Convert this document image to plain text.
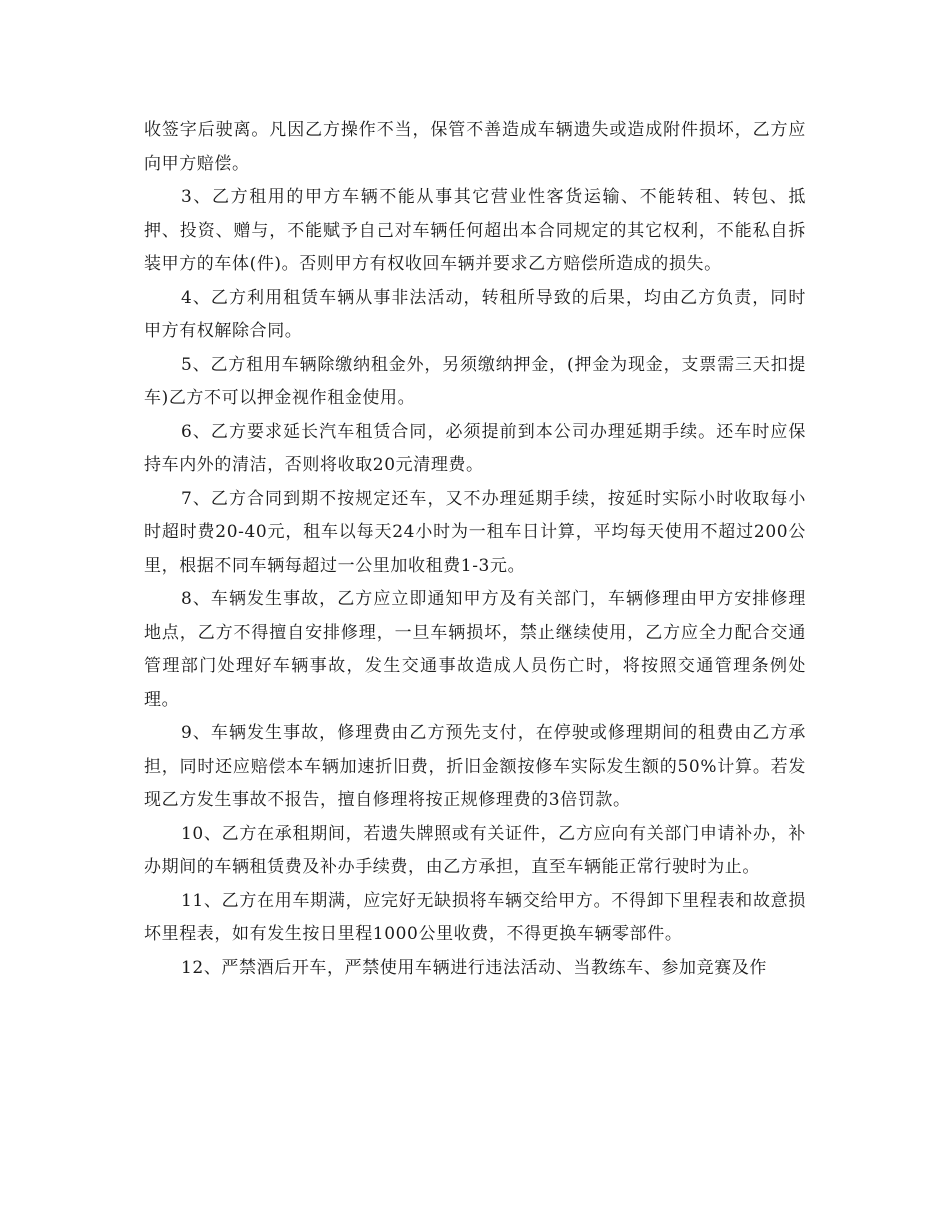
收签字后驶离。凡因乙方操作不当，保管不善造成车辆遗失或造成附件损坏，乙方应向甲方赔偿。

3、乙方租用的甲方车辆不能从事其它营业性客货运输、不能转租、转包、抵押、投资、赠与，不能赋予自己对车辆任何超出本合同规定的其它权利，不能私自拆装甲方的车体(件)。否则甲方有权收回车辆并要求乙方赔偿所造成的损失。

4、乙方利用租赁车辆从事非法活动，转租所导致的后果，均由乙方负责，同时甲方有权解除合同。

5、乙方租用车辆除缴纳租金外，另须缴纳押金，(押金为现金，支票需三天扣提车)乙方不可以押金视作租金使用。

6、乙方要求延长汽车租赁合同，必须提前到本公司办理延期手续。还车时应保持车内外的清洁，否则将收取20元清理费。

7、乙方合同到期不按规定还车，又不办理延期手续，按延时实际小时收取每小时超时费20-40元，租车以每天24小时为一租车日计算，平均每天使用不超过200公里，根据不同车辆每超过一公里加收租费1-3元。

8、车辆发生事故，乙方应立即通知甲方及有关部门，车辆修理由甲方安排修理地点，乙方不得擅自安排修理，一旦车辆损坏，禁止继续使用，乙方应全力配合交通管理部门处理好车辆事故，发生交通事故造成人员伤亡时，将按照交通管理条例处理。

9、车辆发生事故，修理费由乙方预先支付，在停驶或修理期间的租费由乙方承担，同时还应赔偿本车辆加速折旧费，折旧金额按修车实际发生额的50%计算。若发现乙方发生事故不报告，擅自修理将按正规修理费的3倍罚款。

10、乙方在承租期间，若遗失牌照或有关证件，乙方应向有关部门申请补办，补办期间的车辆租赁费及补办手续费，由乙方承担，直至车辆能正常行驶时为止。

11、乙方在用车期满，应完好无缺损将车辆交给甲方。不得卸下里程表和故意损坏里程表，如有发生按日里程1000公里收费，不得更换车辆零部件。

12、严禁酒后开车，严禁使用车辆进行违法活动、当教练车、参加竞赛及作
